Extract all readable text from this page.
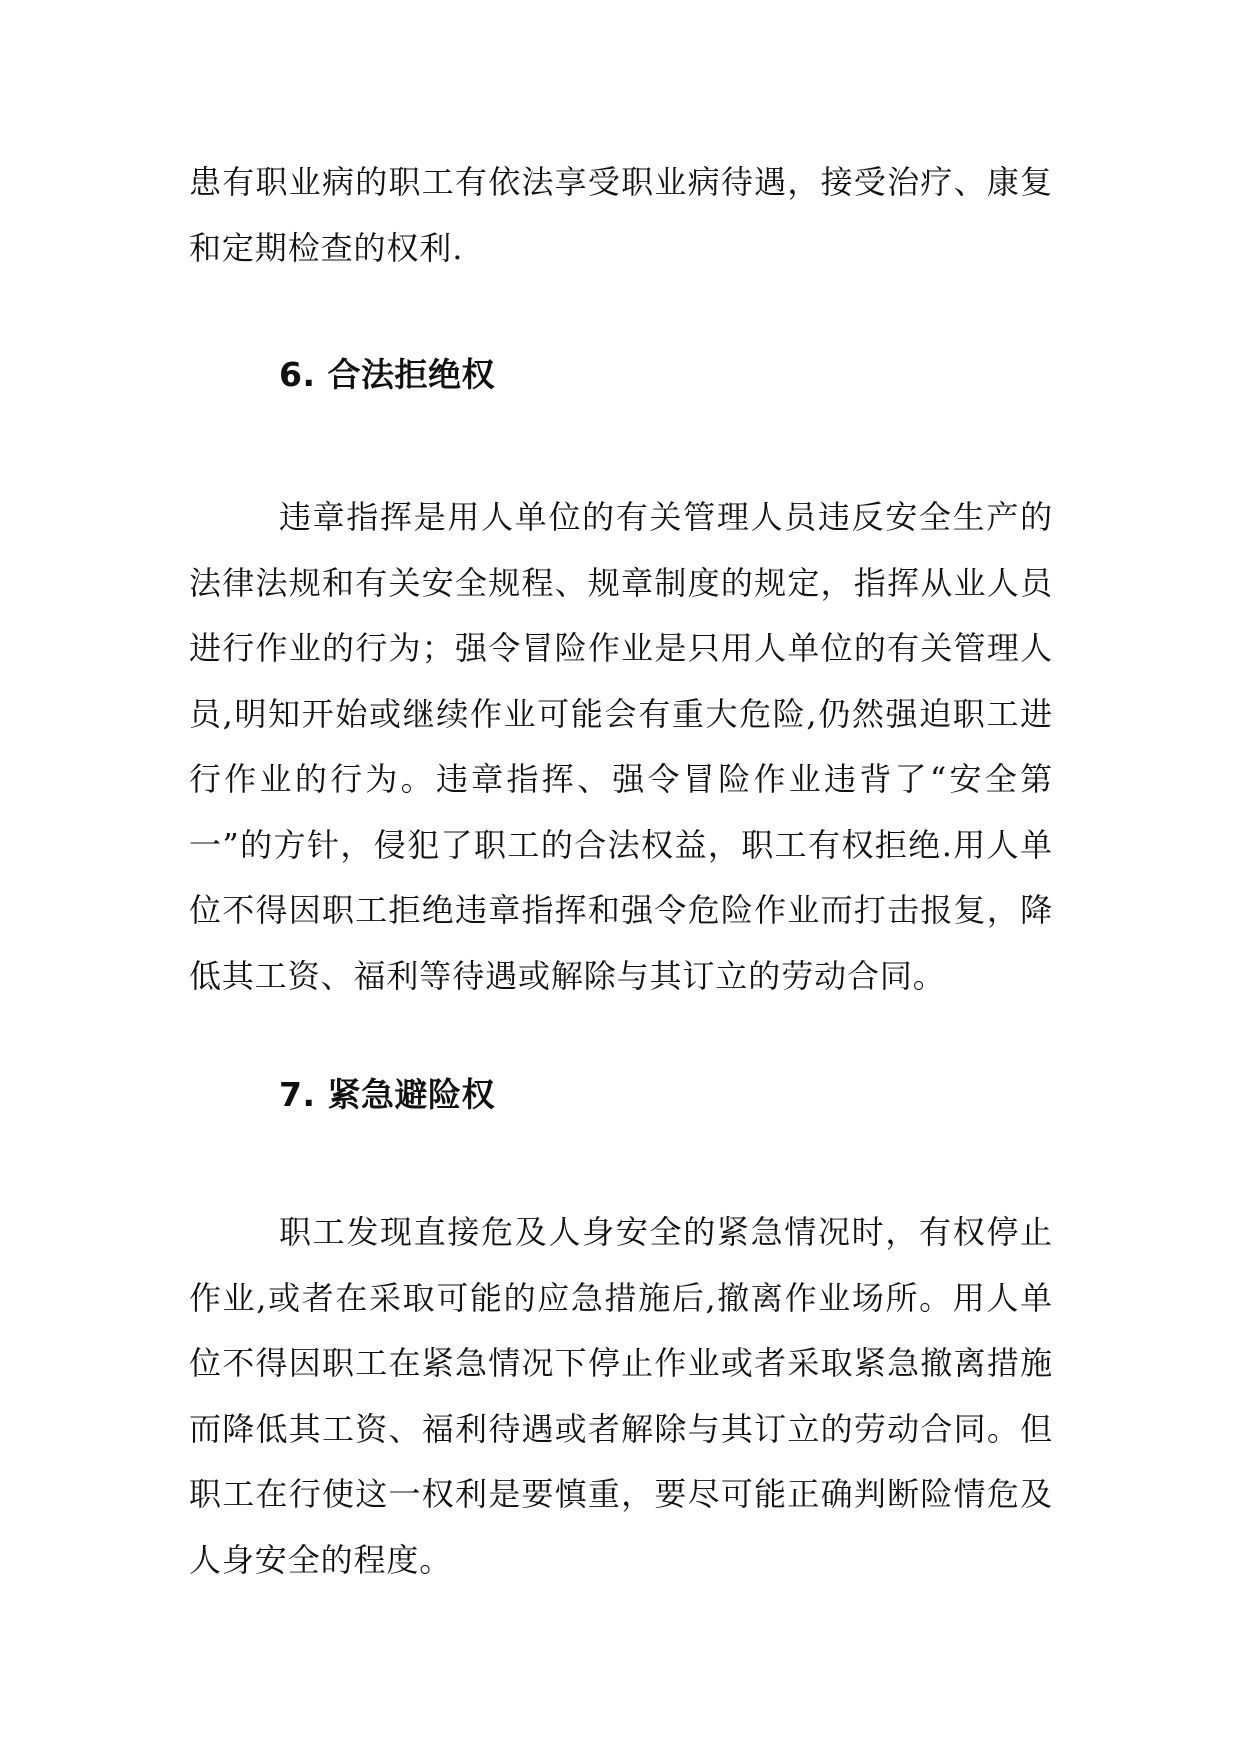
患有职业病的职工有依法享受职业病待遇，接受治疗、康复和定期检查的权利.

6. 合法拒绝权

违章指挥是用人单位的有关管理人员违反安全生产的法律法规和有关安全规程、规章制度的规定，指挥从业人员进行作业的行为；强令冒险作业是只用人单位的有关管理人员,明知开始或继续作业可能会有重大危险,仍然强迫职工进行作业的行为。违章指挥、强令冒险作业违背了“安全第一”的方针，侵犯了职工的合法权益，职工有权拒绝.用人单位不得因职工拒绝违章指挥和强令危险作业而打击报复，降低其工资、福利等待遇或解除与其订立的劳动合同。

7. 紧急避险权

职工发现直接危及人身安全的紧急情况时，有权停止作业,或者在采取可能的应急措施后,撤离作业场所。用人单位不得因职工在紧急情况下停止作业或者采取紧急撤离措施而降低其工资、福利待遇或者解除与其订立的劳动合同。但职工在行使这一权利是要慎重，要尽可能正确判断险情危及人身安全的程度。
